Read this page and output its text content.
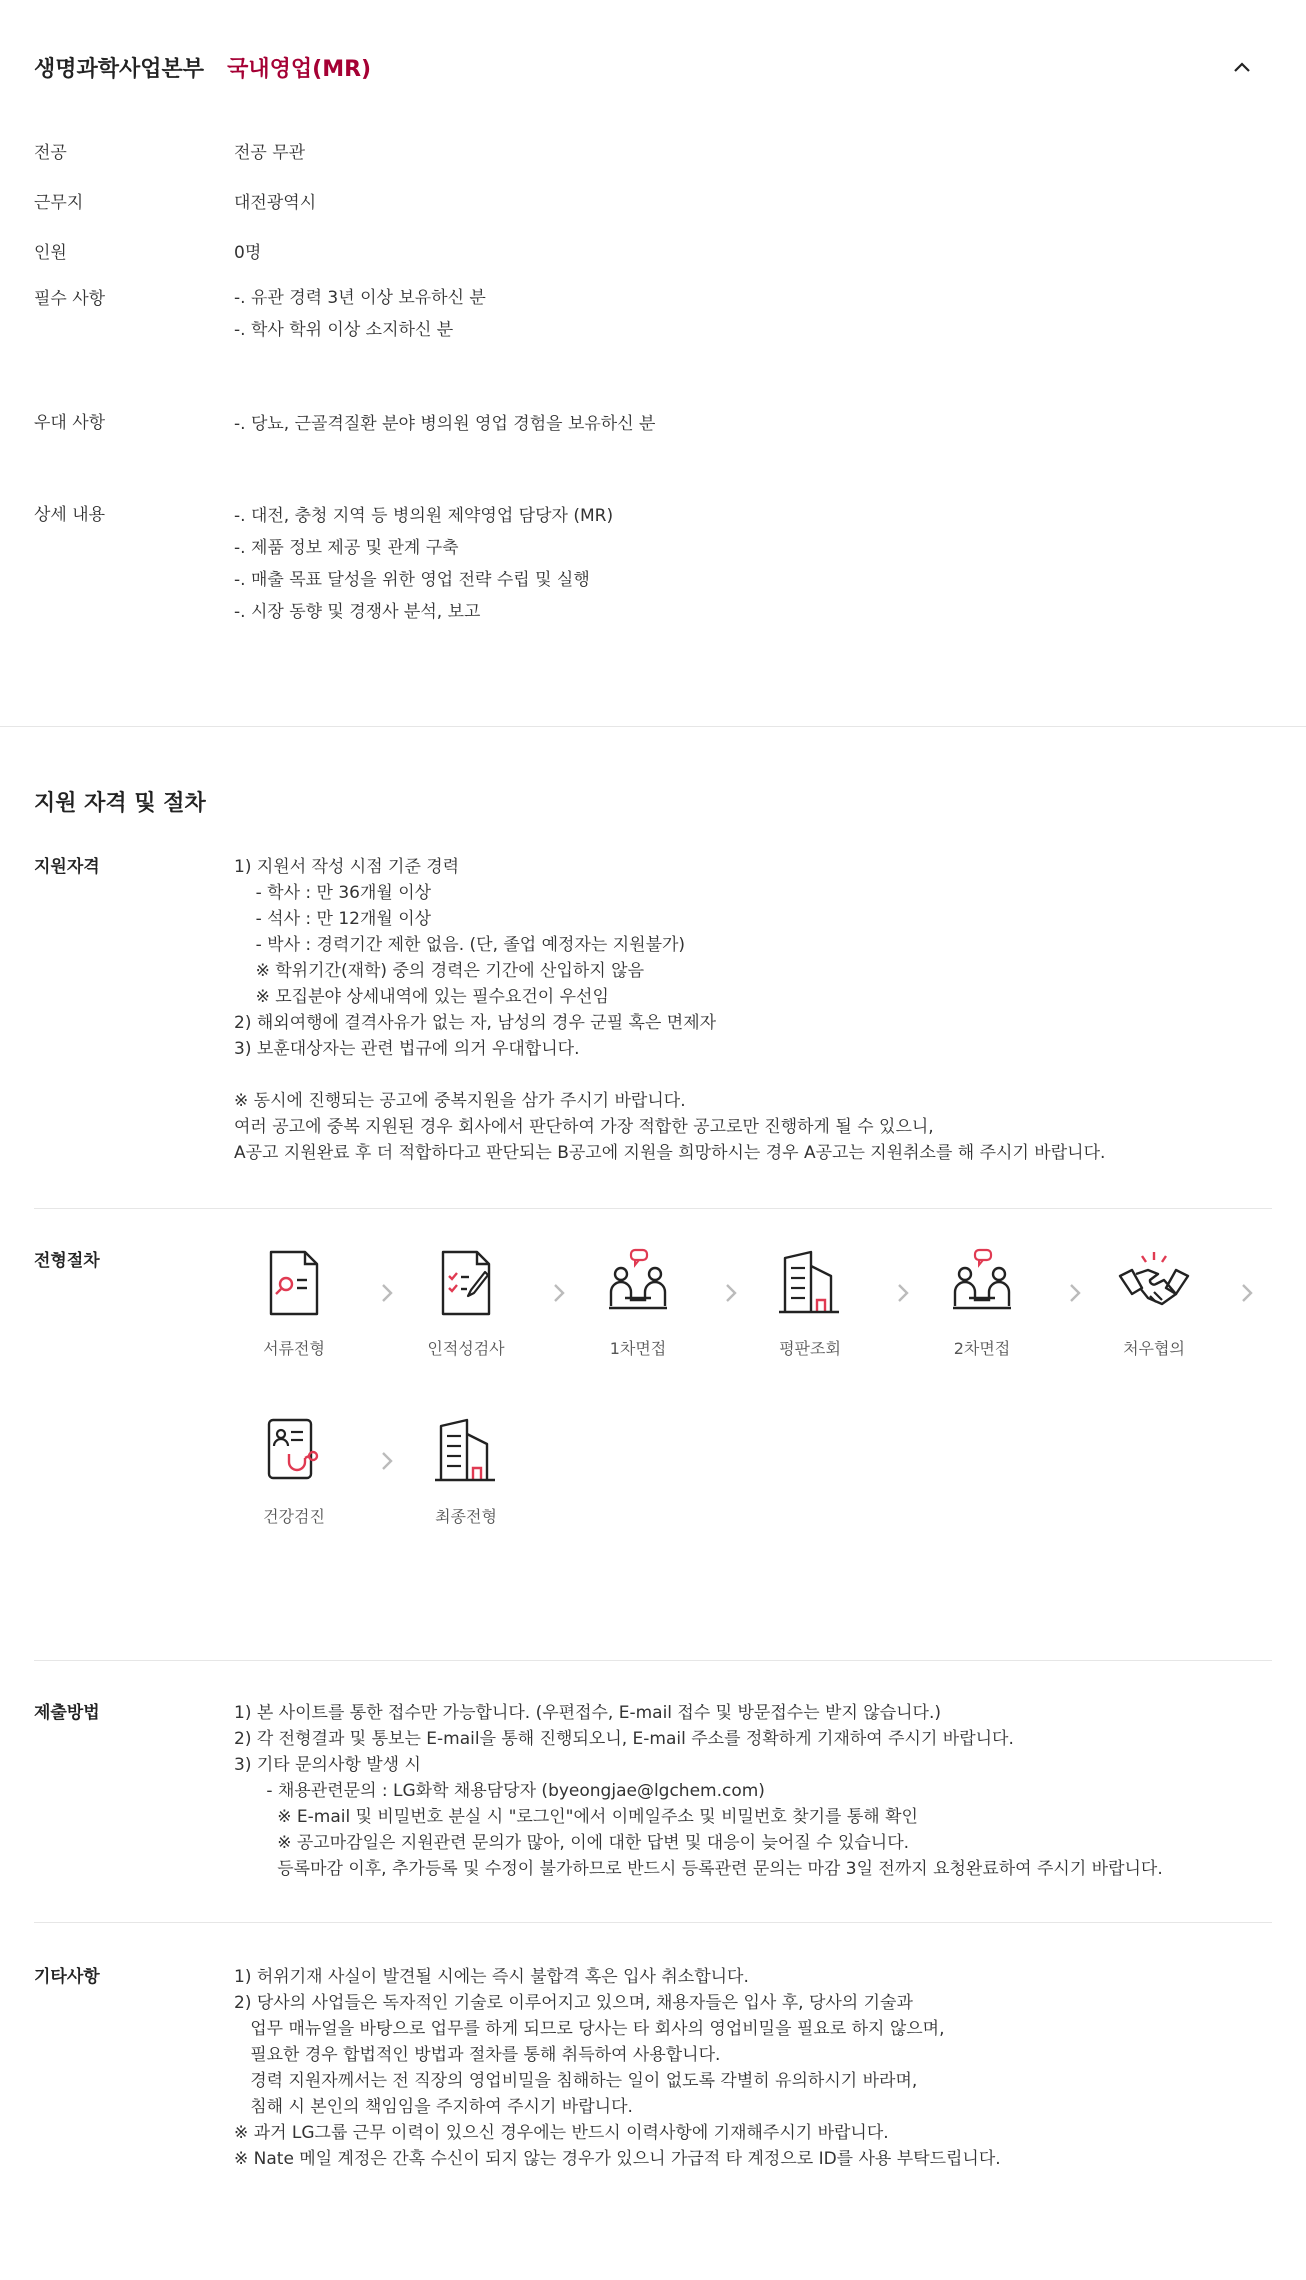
생명과학사업본부 국내영업(MR)
전공	전공 무관
근무지	대전광역시
인원	0명
필수 사항	-. 유관 경력 3년 이상 보유하신 분
-. 학사 학위 이상 소지하신 분
우대 사항	-. 당뇨, 근골격질환 분야 병의원 영업 경험을 보유하신 분
상세 내용	-. 대전, 충청 지역 등 병의원 제약영업 담당자 (MR)
-. 제품 정보 제공 및 관계 구축
-. 매출 목표 달성을 위한 영업 전략 수립 및 실행
-. 시장 동향 및 경쟁사 분석, 보고
지원 자격 및 절차
지원자격	1) 지원서 작성 시점 기준 경력
- 학사 : 만 36개월 이상
- 석사 : 만 12개월 이상
- 박사 : 경력기간 제한 없음. (단, 졸업 예정자는 지원불가)
※ 학위기간(재학) 중의 경력은 기간에 산입하지 않음
※ 모집분야 상세내역에 있는 필수요건이 우선임
2) 해외여행에 결격사유가 없는 자, 남성의 경우 군필 혹은 면제자
3) 보훈대상자는 관련 법규에 의거 우대합니다.

※ 동시에 진행되는 공고에 중복지원을 삼가 주시기 바랍니다.
여러 공고에 중복 지원된 경우 회사에서 판단하여 가장 적합한 공고로만 진행하게 될 수 있으니,
A공고 지원완료 후 더 적합하다고 판단되는 B공고에 지원을 희망하시는 경우 A공고는 지원취소를 해 주시기 바랍니다.
전형절차
서류전형	인적성검사	1차면접	평판조회	2차면접	처우협의
건강검진	최종전형
제출방법	1) 본 사이트를 통한 접수만 가능합니다. (우편접수, E-mail 접수 및 방문접수는 받지 않습니다.)
2) 각 전형결과 및 통보는 E-mail을 통해 진행되오니, E-mail 주소를 정확하게 기재하여 주시기 바랍니다.
3) 기타 문의사항 발생 시
- 채용관련문의 : LG화학 채용담당자 (byeongjae@lgchem.com)
※ E-mail 및 비밀번호 분실 시 "로그인"에서 이메일주소 및 비밀번호 찾기를 통해 확인
※ 공고마감일은 지원관련 문의가 많아, 이에 대한 답변 및 대응이 늦어질 수 있습니다.
등록마감 이후, 추가등록 및 수정이 불가하므로 반드시 등록관련 문의는 마감 3일 전까지 요청완료하여 주시기 바랍니다.
기타사항	1) 허위기재 사실이 발견될 시에는 즉시 불합격 혹은 입사 취소합니다.
2) 당사의 사업들은 독자적인 기술로 이루어지고 있으며, 채용자들은 입사 후, 당사의 기술과
업무 매뉴얼을 바탕으로 업무를 하게 되므로 당사는 타 회사의 영업비밀을 필요로 하지 않으며,
필요한 경우 합법적인 방법과 절차를 통해 취득하여 사용합니다.
경력 지원자께서는 전 직장의 영업비밀을 침해하는 일이 없도록 각별히 유의하시기 바라며,
침해 시 본인의 책임임을 주지하여 주시기 바랍니다.
※ 과거 LG그룹 근무 이력이 있으신 경우에는 반드시 이력사항에 기재해주시기 바랍니다.
※ Nate 메일 계정은 간혹 수신이 되지 않는 경우가 있으니 가급적 타 계정으로 ID를 사용 부탁드립니다.
